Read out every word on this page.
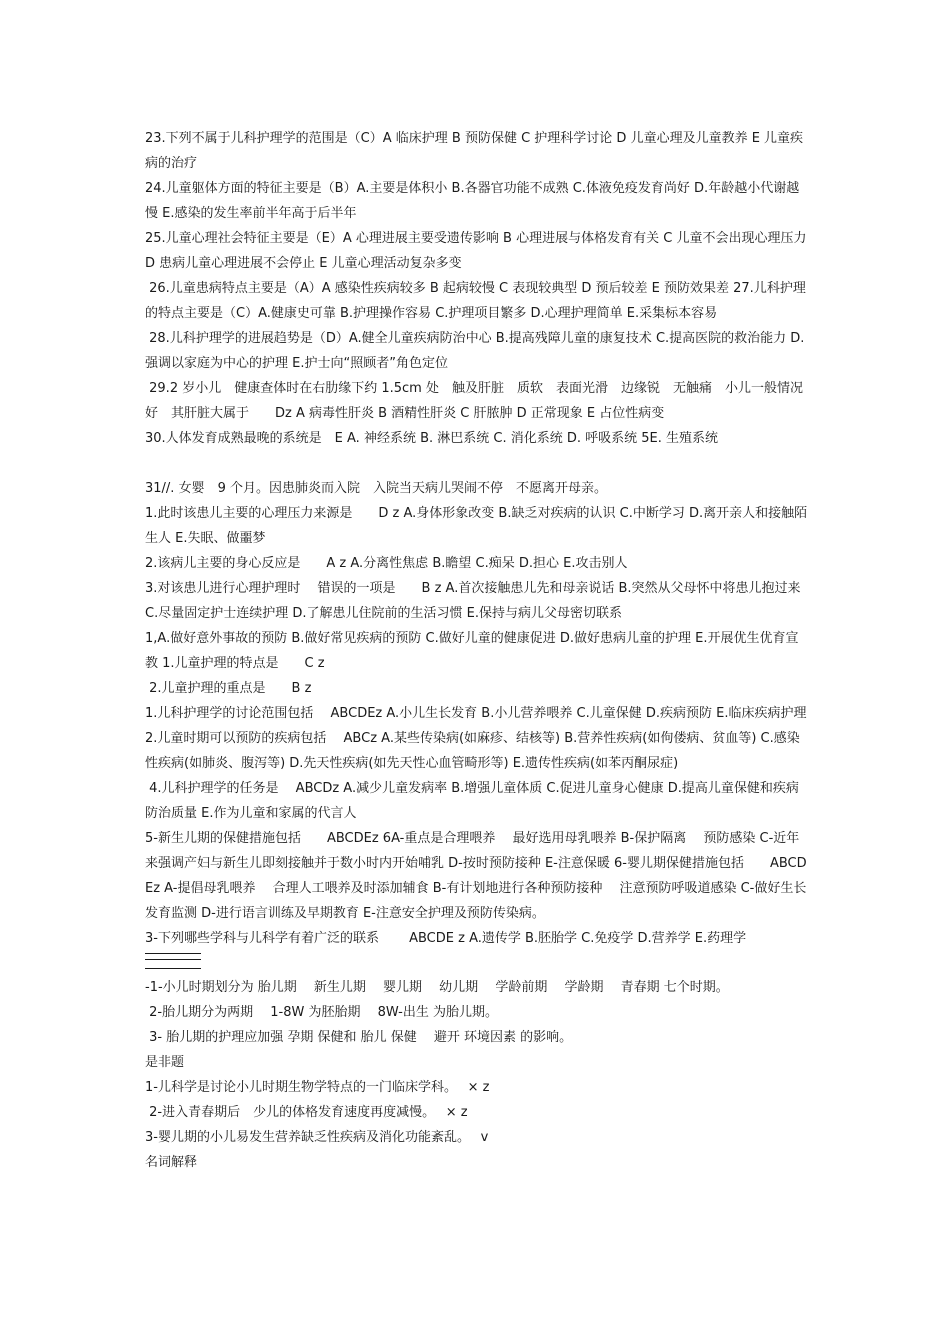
23.下列不属于儿科护理学的范围是（C）A 临床护理 B 预防保健 C 护理科学讨论 D 儿童心理及儿童教养 E 儿童疾病的治疗

24.儿童躯体方面的特征主要是（B）A.主要是体积小 B.各器官功能不成熟 C.体液免疫发育尚好 D.年龄越小代谢越慢 E.感染的发生率前半年高于后半年

25.儿童心理社会特征主要是（E）A 心理进展主要受遗传影响 B 心理进展与体格发育有关 C 儿童不会出现心理压力 D 患病儿童心理进展不会停止 E 儿童心理活动复杂多变

26.儿童患病特点主要是（A）A 感染性疾病较多 B 起病较慢 C 表现较典型 D 预后较差 E 预防效果差 27.儿科护理的特点主要是（C）A.健康史可靠 B.护理操作容易 C.护理项目繁多 D.心理护理简单 E.采集标本容易

28.儿科护理学的进展趋势是（D）A.健全儿童疾病防治中心 B.提高残障儿童的康复技术 C.提高医院的救治能力 D.强调以家庭为中心的护理 E.护士向“照顾者”角色定位

29.2 岁小儿　健康查体时在右肋缘下约 1.5cm 处　触及肝脏　质软　表面光滑　边缘锐　无触痛　小儿一般情况好　其肝脏大属于　　Dz A 病毒性肝炎 B 酒精性肝炎 C 肝脓肿 D 正常现象 E 占位性病变

30.人体发育成熟最晚的系统是　E A. 神经系统 B. 淋巴系统 C. 消化系统 D. 呼吸系统 5E. 生殖系统

31//. 女婴　9 个月。因患肺炎而入院　入院当天病儿哭闹不停　不愿离开母亲。

1.此时该患儿主要的心理压力来源是　　D z A.身体形象改变 B.缺乏对疾病的认识 C.中断学习 D.离开亲人和接触陌生人 E.失眠、做噩梦

2.该病儿主要的身心反应是　　A z A.分离性焦虑 B.瞻望 C.痴呆 D.担心 E.攻击别人

3.对该患儿进行心理护理时　 错误的一项是　　B z A.首次接触患儿先和母亲说话 B.突然从父母怀中将患儿抱过来 C.尽量固定护士连续护理 D.了解患儿住院前的生活习惯 E.保持与病儿父母密切联系

1,A.做好意外事故的预防 B.做好常见疾病的预防 C.做好儿童的健康促进 D.做好患病儿童的护理 E.开展优生优育宣教 1.儿童护理的特点是　　C z

2.儿童护理的重点是　　B z

1.儿科护理学的讨论范围包括　 ABCDEz A.小儿生长发育 B.小儿营养喂养 C.儿童保健 D.疾病预防 E.临床疾病护理

2.儿童时期可以预防的疾病包括　 ABCz A.某些传染病(如麻疹、结核等) B.营养性疾病(如佝偻病、贫血等) C.感染性疾病(如肺炎、腹泻等) D.先天性疾病(如先天性心血管畸形等) E.遗传性疾病(如苯丙酮尿症)

4.儿科护理学的任务是　 ABCDz A.减少儿童发病率 B.增强儿童体质 C.促进儿童身心健康 D.提高儿童保健和疾病防治质量 E.作为儿童和家属的代言人

5-新生儿期的保健措施包括　　ABCDEz 6A-重点是合理喂养　 最好选用母乳喂养 B-保护隔离　 预防感染 C-近年来强调产妇与新生儿即刻接触并于数小时内开始哺乳 D-按时预防接种 E-注意保暖 6-婴儿期保健措施包括　　ABCDEz A-提倡母乳喂养　 合理人工喂养及时添加辅食 B-有计划地进行各种预防接种　 注意预防呼吸道感染 C-做好生长发育监测 D-进行语言训练及早期教育 E-注意安全护理及预防传染病。

3-下列哪些学科与儿科学有着广泛的联系　　 ABCDE z A.遗传学 B.胚胎学 C.免疫学 D.营养学 E.药理学

-1-小儿时期划分为 胎儿期　 新生儿期　 婴儿期　 幼儿期　 学龄前期　 学龄期　 青春期 七个时期。

2-胎儿期分为两期　 1-8W 为胚胎期　 8W-出生 为胎儿期。

3- 胎儿期的护理应加强 孕期 保健和 胎儿 保健　 避开 环境因素 的影响。

是非题

1-儿科学是讨论小儿时期生物学特点的一门临床学科。　 × z

2-进入青春期后　少儿的体格发育速度再度减慢。　 × z

3-婴儿期的小儿易发生营养缺乏性疾病及消化功能紊乱。　 v

名词解释
